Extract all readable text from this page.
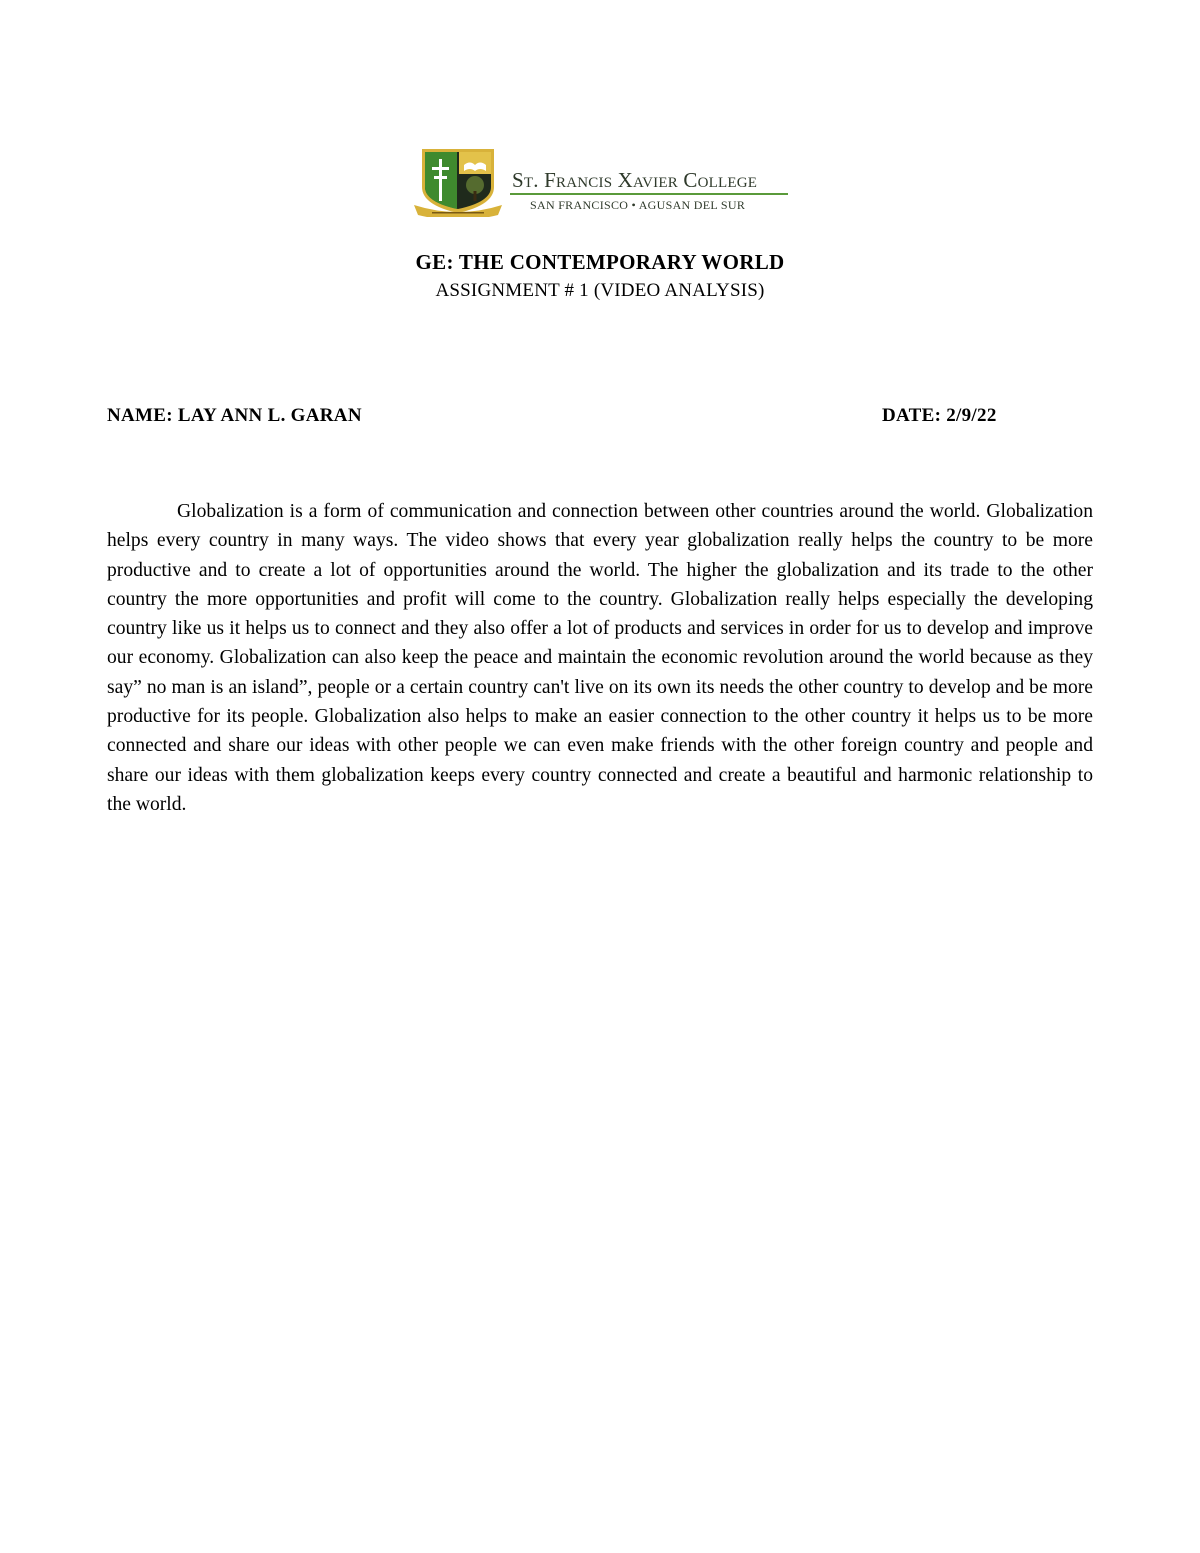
St. Francis Xavier College
SAN FRANCISCO • AGUSAN DEL SUR
GE: THE CONTEMPORARY WORLD
ASSIGNMENT # 1 (VIDEO ANALYSIS)
NAME: LAY ANN L. GARAN	DATE: 2/9/22

Globalization is a form of communication and connection between other countries around the world. Globalization helps every country in many ways. The video shows that every year globalization really helps the country to be more productive and to create a lot of opportunities around the world. The higher the globalization and its trade to the other country the more opportunities and profit will come to the country. Globalization really helps especially the developing country like us it helps us to connect and they also offer a lot of products and services in order for us to develop and improve our economy. Globalization can also keep the peace and maintain the economic revolution around the world because as they say” no man is an island”, people or a certain country can't live on its own its needs the other country to develop and be more productive for its people. Globalization also helps to make an easier connection to the other country it helps us to be more connected and share our ideas with other people we can even make friends with the other foreign country and people and share our ideas with them globalization keeps every country connected and create a beautiful and harmonic relationship to the world.
